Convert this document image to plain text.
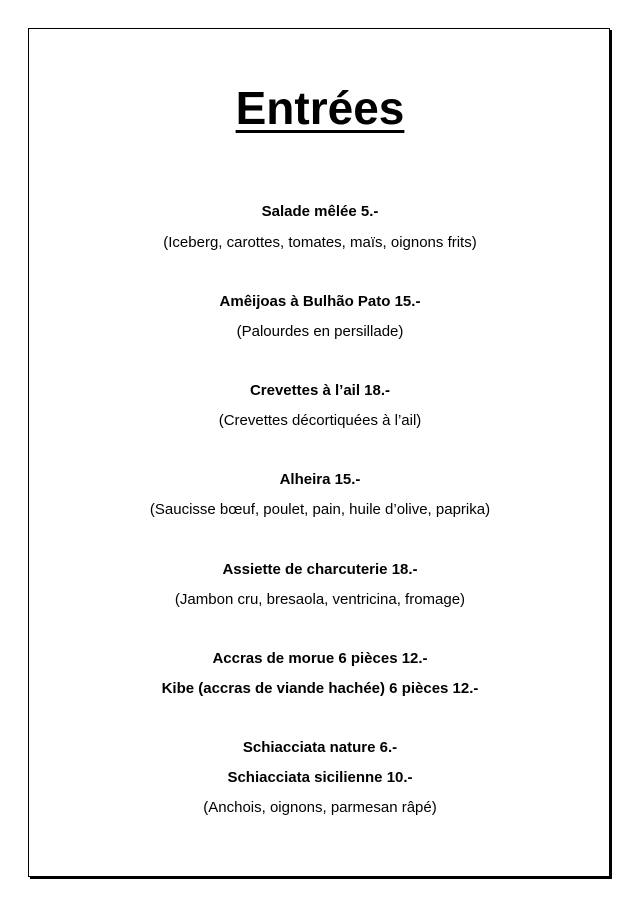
Entrées
Salade mêlée 5.-
(Iceberg, carottes, tomates, maïs, oignons frits)
Amêijoas à Bulhão Pato 15.-
(Palourdes en persillade)
Crevettes à l’ail 18.-
(Crevettes décortiquées à l’ail)
Alheira 15.-
(Saucisse bœuf, poulet, pain, huile d’olive, paprika)
Assiette de charcuterie 18.-
(Jambon cru, bresaola, ventricina, fromage)
Accras de morue 6 pièces 12.-
Kibe (accras de viande hachée) 6 pièces 12.-
Schiacciata nature 6.-
Schiacciata sicilienne 10.-
(Anchois, oignons, parmesan râpé)
